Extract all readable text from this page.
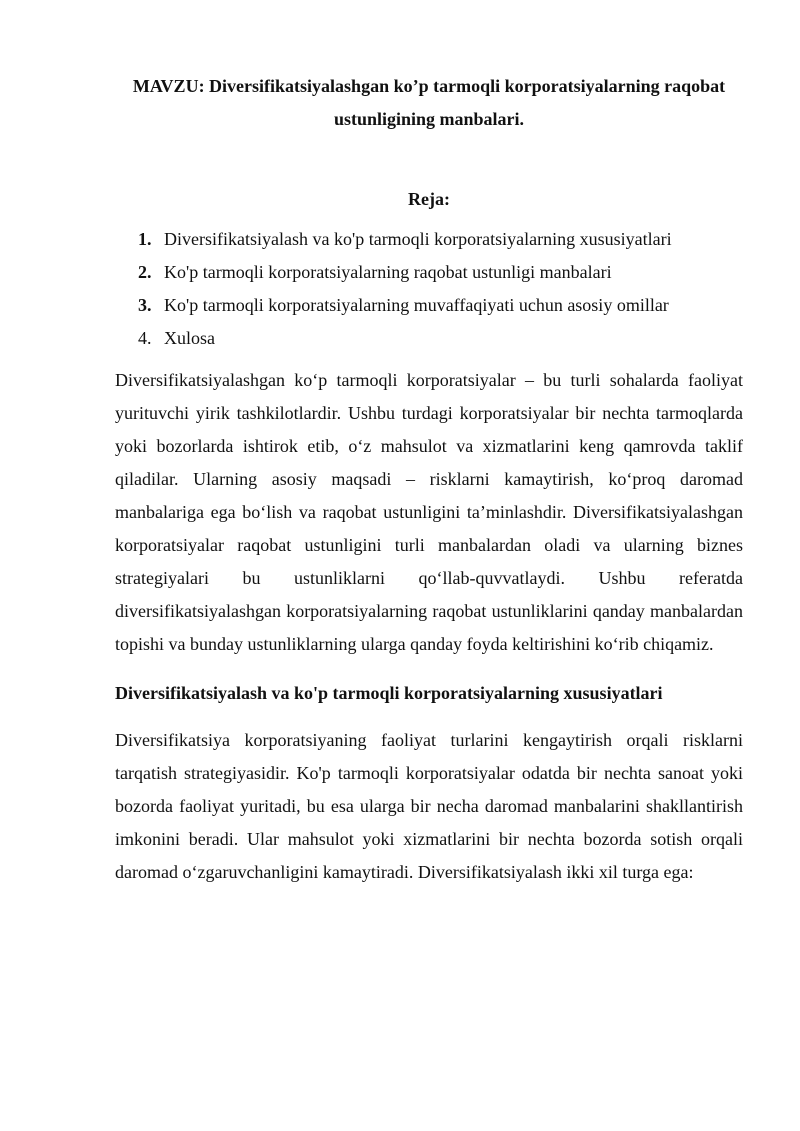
MAVZU: Diversifikatsiyalashgan ko’p tarmoqli korporatsiyalarning raqobat ustunligining manbalari.
Reja:
1. Diversifikatsiyalash va ko'p tarmoqli korporatsiyalarning xususiyatlari
2. Ko'p tarmoqli korporatsiyalarning raqobat ustunligi manbalari
3. Ko'p tarmoqli korporatsiyalarning muvaffaqiyati uchun asosiy omillar
4. Xulosa

Diversifikatsiyalashgan ko‘p tarmoqli korporatsiyalar – bu turli sohalarda faoliyat yurituvchi yirik tashkilotlardir. Ushbu turdagi korporatsiyalar bir nechta tarmoqlarda yoki bozorlarda ishtirok etib, o‘z mahsulot va xizmatlarini keng qamrovda taklif qiladilar. Ularning asosiy maqsadi – risklarni kamaytirish, ko‘proq daromad manbalariga ega bo‘lish va raqobat ustunligini ta’minlashdir. Diversifikatsiyalashgan korporatsiyalar raqobat ustunligini turli manbalardan oladi va ularning biznes strategiyalari bu ustunliklarni qo‘llab-quvvatlaydi. Ushbu referatda diversifikatsiyalashgan korporatsiyalarning raqobat ustunliklarini qanday manbalardan topishi va bunday ustunliklarning ularga qanday foyda keltirishini ko‘rib chiqamiz.

Diversifikatsiyalash va ko'p tarmoqli korporatsiyalarning xususiyatlari

Diversifikatsiya korporatsiyaning faoliyat turlarini kengaytirish orqali risklarni tarqatish strategiyasidir. Ko'p tarmoqli korporatsiyalar odatda bir nechta sanoat yoki bozorda faoliyat yuritadi, bu esa ularga bir necha daromad manbalarini shakllantirish imkonini beradi. Ular mahsulot yoki xizmatlarini bir nechta bozorda sotish orqali daromad o‘zgaruvchanligini kamaytiradi. Diversifikatsiyalash ikki xil turga ega:
